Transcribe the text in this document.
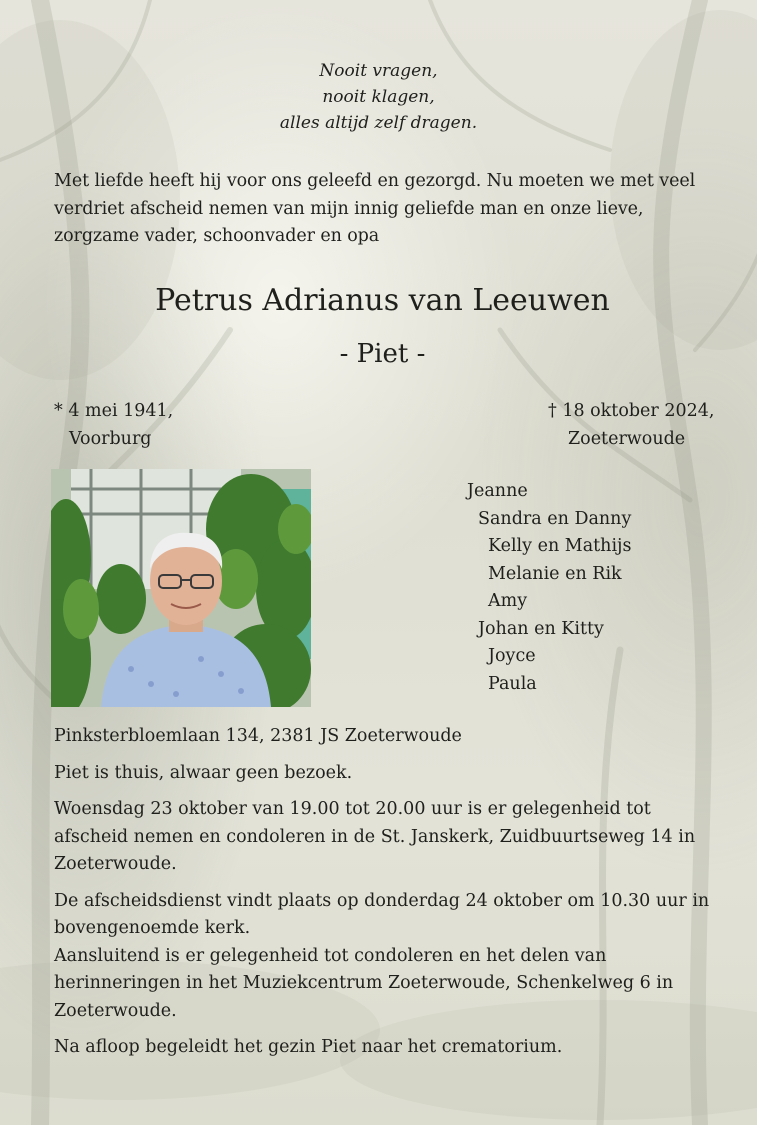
Nooit vragen,
nooit klagen,
alles altijd zelf dragen.
Met liefde heeft hij voor ons geleefd en gezorgd. Nu moeten we met veel verdriet afscheid nemen van mijn innig geliefde man en onze lieve, zorgzame vader, schoonvader en opa
Petrus Adrianus van Leeuwen
- Piet -
* 4 mei 1941,
Voorburg
† 18 oktober 2024,
Zoeterwoude
Jeanne
Sandra en Danny
Kelly en Mathijs
Melanie en Rik
Amy
Johan en Kitty
Joyce
Paula

Pinksterbloemlaan 134, 2381 JS Zoeterwoude

Piet is thuis, alwaar geen bezoek.

Woensdag 23 oktober van 19.00 tot 20.00 uur is er gelegenheid tot afscheid nemen en condoleren in de St. Janskerk, Zuidbuurtseweg 14 in Zoeterwoude.

De afscheidsdienst vindt plaats op donderdag 24 oktober om 10.30 uur in bovengenoemde kerk.

Aansluitend is er gelegenheid tot condoleren en het delen van herinneringen in het Muziekcentrum Zoeterwoude, Schenkelweg 6 in Zoeterwoude.

Na afloop begeleidt het gezin Piet naar het crematorium.
